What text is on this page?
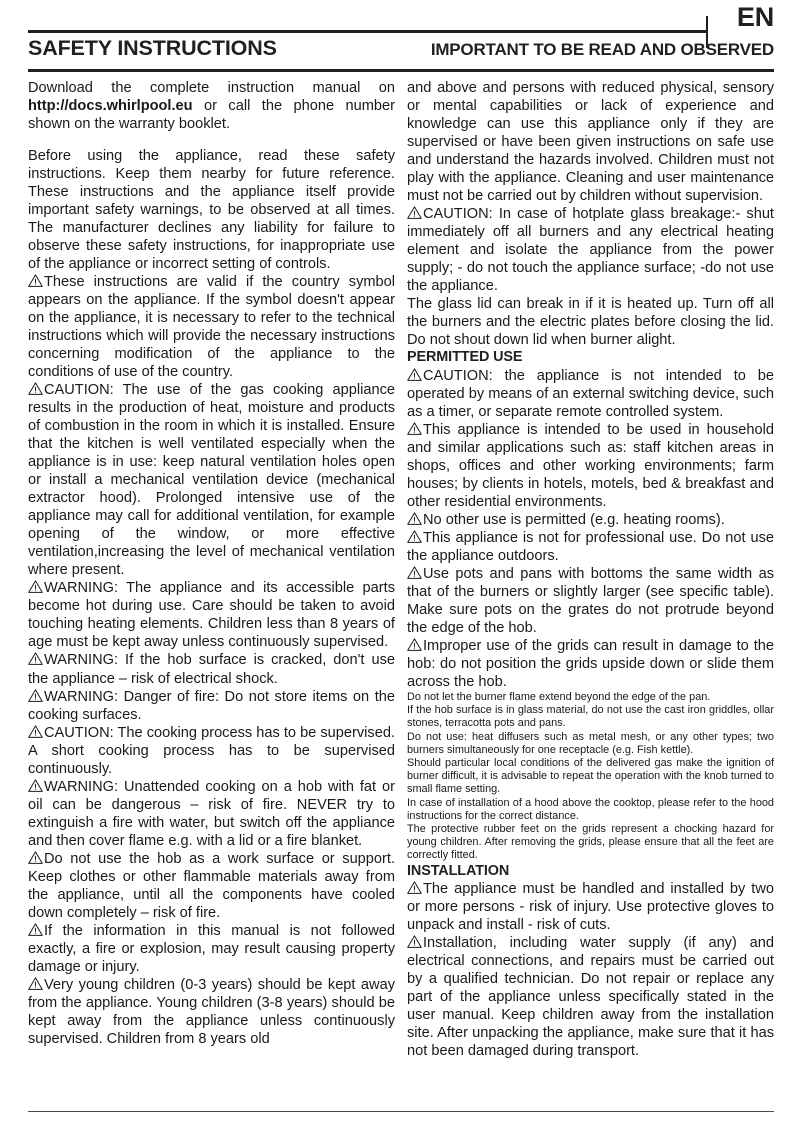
EN
SAFETY INSTRUCTIONS	IMPORTANT TO BE READ AND OBSERVED

Download the complete instruction manual on http://docs.whirlpool.eu or call the phone number shown on the warranty booklet.

Before using the appliance, read these safety instructions. Keep them nearby for future reference. These instructions and the appliance itself provide important safety warnings, to be observed at all times. The manufacturer declines any liability for failure to observe these safety instructions, for inappropriate use of the appliance or incorrect setting of controls.

These instructions are valid if the country symbol appears on the appliance. If the symbol doesn't appear on the appliance, it is necessary to refer to the technical instructions which will provide the necessary instructions concerning modification of the appliance to the conditions of use of the country.

CAUTION: The use of the gas cooking appliance results in the production of heat, moisture and products of combustion in the room in which it is installed. Ensure that the kitchen is well ventilated especially when the appliance is in use: keep natural ventilation holes open or install a mechanical ventilation device (mechanical extractor hood). Prolonged intensive use of the appliance may call for additional ventilation, for example opening of the window, or more effective ventilation,increasing the level of mechanical ventilation where present.

WARNING: The appliance and its accessible parts become hot during use. Care should be taken to avoid touching heating elements. Children less than 8 years of age must be kept away unless continuously supervised.

WARNING: If the hob surface is cracked, don't use the appliance – risk of electrical shock.

WARNING: Danger of fire: Do not store items on the cooking surfaces.

CAUTION: The cooking process has to be supervised. A short cooking process has to be supervised continuously.

WARNING: Unattended cooking on a hob with fat or oil can be dangerous – risk of fire. NEVER try to extinguish a fire with water, but switch off the appliance and then cover flame e.g. with a lid or a fire blanket.

Do not use the hob as a work surface or support. Keep clothes or other flammable materials away from the appliance, until all the components have cooled down completely – risk of fire.

If the information in this manual is not followed exactly, a fire or explosion, may result causing property damage or injury.

Very young children (0-3 years) should be kept away from the appliance. Young children (3-8 years) should be kept away from the appliance unless continuously supervised. Children from 8 years old

and above and persons with reduced physical, sensory or mental capabilities or lack of experience and knowledge can use this appliance only if they are supervised or have been given instructions on safe use and understand the hazards involved. Children must not play with the appliance. Cleaning and user maintenance must not be carried out by children without supervision.

CAUTION: In case of hotplate glass breakage:- shut immediately off all burners and any electrical heating element and isolate the appliance from the power supply; - do not touch the appliance surface; -do not use the appliance.

The glass lid can break in if it is heated up. Turn off all the burners and the electric plates before closing the lid. Do not shout down lid when burner alight.

PERMITTED USE

CAUTION: the appliance is not intended to be operated by means of an external switching device, such as a timer, or separate remote controlled system.

This appliance is intended to be used in household and similar applications such as: staff kitchen areas in shops, offices and other working environments; farm houses; by clients in hotels, motels, bed & breakfast and other residential environments.

No other use is permitted (e.g. heating rooms).

This appliance is not for professional use. Do not use the appliance outdoors.

Use pots and pans with bottoms the same width as that of the burners or slightly larger (see specific table). Make sure pots on the grates do not protrude beyond the edge of the hob.

Improper use of the grids can result in damage to the hob: do not position the grids upside down or slide them across the hob.

Do not let the burner flame extend beyond the edge of the pan.

If the hob surface is in glass material, do not use the cast iron griddles, ollar stones, terracotta pots and pans.

Do not use: heat diffusers such as metal mesh, or any other types; two burners simultaneously for one receptacle (e.g. Fish kettle).

Should particular local conditions of the delivered gas make the ignition of burner difficult, it is advisable to repeat the operation with the knob turned to small flame setting.

In case of installation of a hood above the cooktop, please refer to the hood instructions for the correct distance.

The protective rubber feet on the grids represent a chocking hazard for young children. After removing the grids, please ensure that all the feet are correctly fitted.

INSTALLATION

The appliance must be handled and installed by two or more persons - risk of injury. Use protective gloves to unpack and install - risk of cuts.

Installation, including water supply (if any) and electrical connections, and repairs must be carried out by a qualified technician. Do not repair or replace any part of the appliance unless specifically stated in the user manual. Keep children away from the installation site. After unpacking the appliance, make sure that it has not been damaged during transport.
